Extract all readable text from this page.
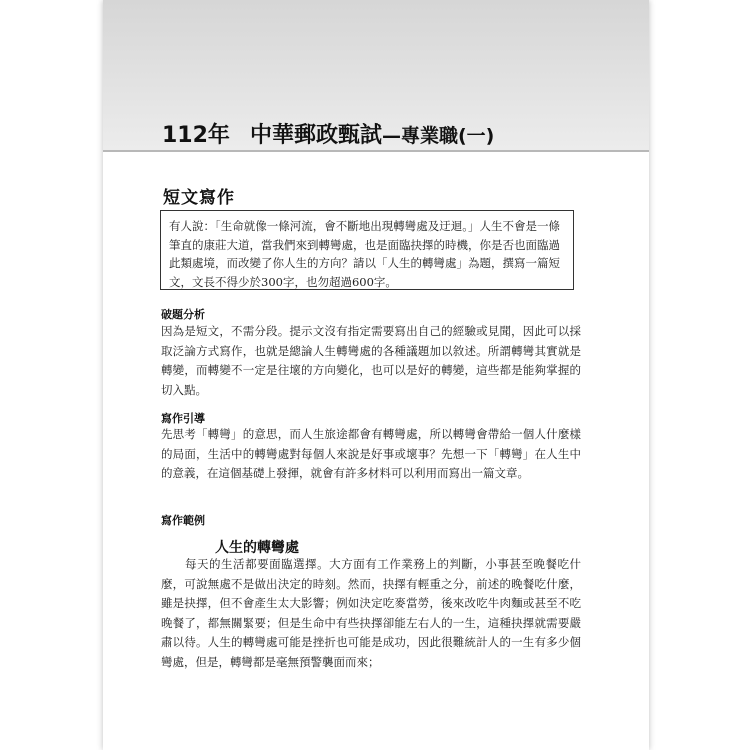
112年 中華郵政甄試—專業職(一)
短文寫作
有人說：「生命就像一條河流，會不斷地出現轉彎處及迂迴。」人生不會是一條筆直的康莊大道，當我們來到轉彎處，也是面臨抉擇的時機，你是否也面臨過此類處境，而改變了你人生的方向？請以「人生的轉彎處」為題，撰寫一篇短文，文長不得少於300字，也勿超過600字。
破題分析
因為是短文，不需分段。提示文沒有指定需要寫出自己的經驗或見聞，因此可以採取泛論方式寫作，也就是總論人生轉彎處的各種議題加以敘述。所謂轉彎其實就是轉變，而轉變不一定是往壞的方向變化，也可以是好的轉變，這些都是能夠掌握的切入點。
寫作引導
先思考「轉彎」的意思，而人生旅途都會有轉彎處，所以轉彎會帶給一個人什麼樣的局面，生活中的轉彎處對每個人來說是好事或壞事？先想一下「轉彎」在人生中的意義，在這個基礎上發揮，就會有許多材料可以利用而寫出一篇文章。
寫作範例
人生的轉彎處
每天的生活都要面臨選擇。大方面有工作業務上的判斷，小事甚至晚餐吃什麼，可說無處不是做出決定的時刻。然而，抉擇有輕重之分，前述的晚餐吃什麼，雖是抉擇，但不會產生太大影響；例如決定吃麥當勞，後來改吃牛肉麵或甚至不吃晚餐了，都無關緊要；但是生命中有些抉擇卻能左右人的一生，這種抉擇就需要嚴肅以待。人生的轉彎處可能是挫折也可能是成功，因此很難統計人的一生有多少個彎處，但是，轉彎都是毫無預警襲面而來；
